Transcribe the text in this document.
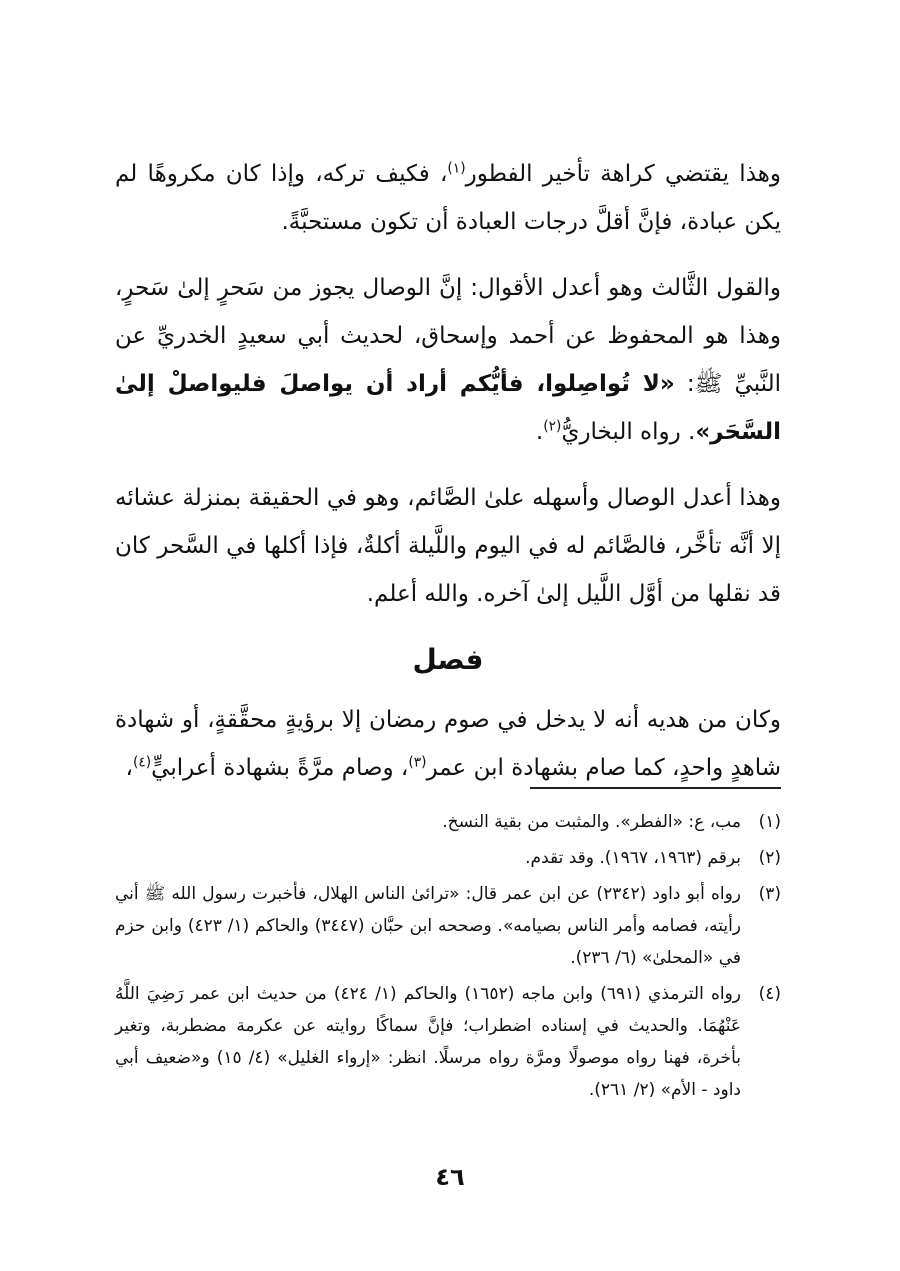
وهذا يقتضي كراهة تأخير الفطور$^{(١)}$، فكيف تركه، وإذا كان مكروهًا لم يكن عبادة، فإنَّ أقلَّ درجات العبادة أن تكون مستحبَّةً.

والقول الثَّالث وهو أعدل الأقوال: إنَّ الوصال يجوز من سَحرٍ إلىٰ سَحرٍ، وهذا هو المحفوظ عن أحمد وإسحاق، لحديث أبي سعيدٍ الخدريِّ عن النَّبيِّ ﷺ: «لا تُواصِلوا، فأيُّكم أراد أن يواصلَ فليواصلْ إلىٰ السَّحَر». رواه البخاريُّ$^{(٢)}$.

وهذا أعدل الوصال وأسهله علىٰ الصَّائم، وهو في الحقيقة بمنزلة عشائه إلا أنَّه تأخَّر، فالصَّائم له في اليوم واللَّيلة أكلةٌ، فإذا أكلها في السَّحر كان قد نقلها من أوَّل اللَّيل إلىٰ آخره. والله أعلم.

فصل

وكان من هديه أنه لا يدخل في صوم رمضان إلا برؤيةٍ محقَّقةٍ، أو شهادة شاهدٍ واحدٍ، كما صام بشهادة ابن عمر$^{(٣)}$، وصام مرَّةً بشهادة أعرابيٍّ$^{(٤)}$،

(١)
مب، ع: «الفطر». والمثبت من بقية النسخ.
(٢)
برقم (١٩٦٣، ١٩٦٧). وقد تقدم.
(٣)
رواه أبو داود (٢٣٤٢) عن ابن عمر قال: «ترائىٰ الناس الهلال، فأخبرت رسول الله ﷺ أني رأيته، فصامه وأمر الناس بصيامه». وصححه ابن حبَّان (٣٤٤٧) والحاكم (١/ ٤٢٣) وابن حزم في «المحلىٰ» (٦/ ٢٣٦).
(٤)
رواه الترمذي (٦٩١) وابن ماجه (١٦٥٢) والحاكم (١/ ٤٢٤) من حديث ابن عمر رَضِيَ اللَّهُ عَنْهُمَا. والحديث في إسناده اضطراب؛ فإنَّ سماكًا روايته عن عكرمة مضطربة، وتغير بأخرة، فهنا رواه موصولًا ومرَّة رواه مرسلًا. انظر: «إرواء الغليل» (٤/ ١٥) و«ضعيف أبي داود - الأم» (٢/ ٢٦١).
٤٦
